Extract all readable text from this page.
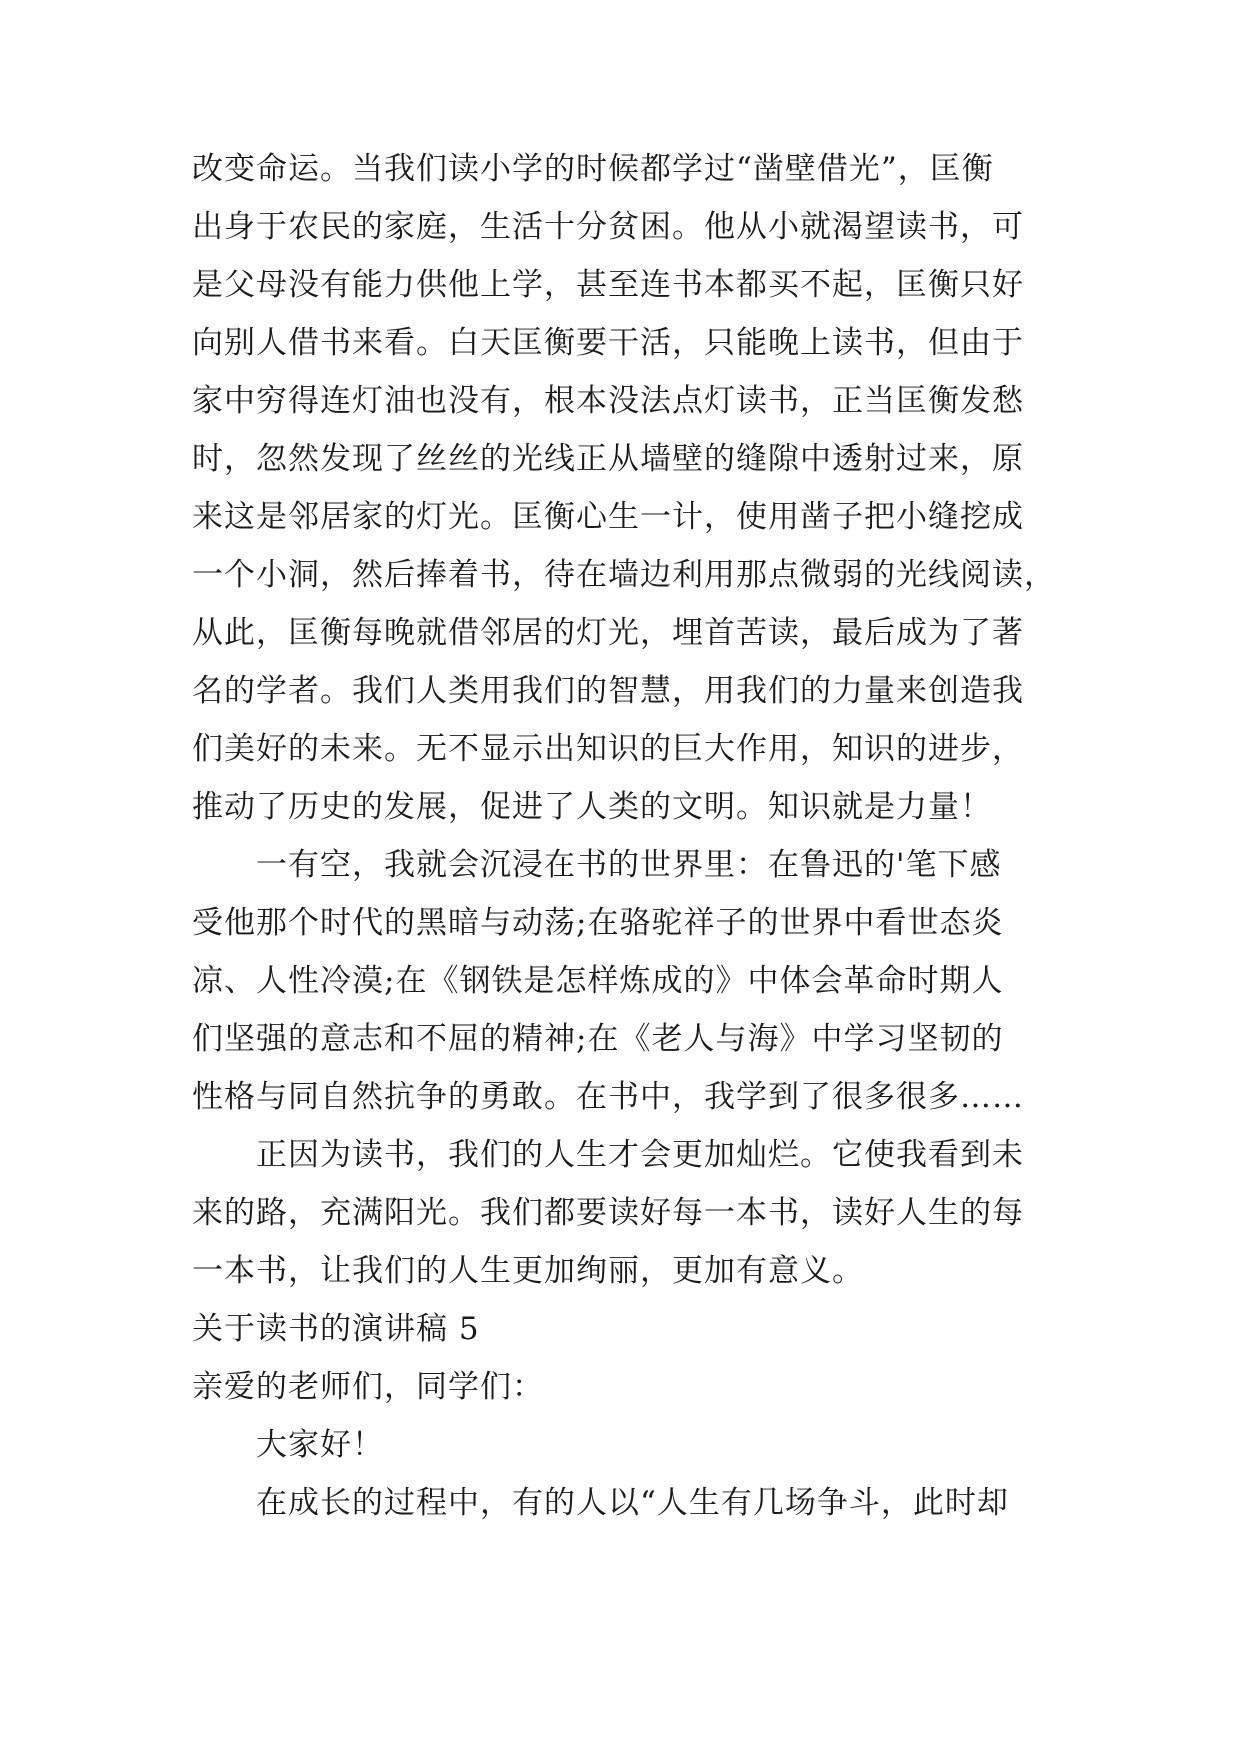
改变命运。当我们读小学的时候都学过“凿壁借光”，匡衡
出身于农民的家庭，生活十分贫困。他从小就渴望读书，可
是父母没有能力供他上学，甚至连书本都买不起，匡衡只好
向别人借书来看。白天匡衡要干活，只能晚上读书，但由于
家中穷得连灯油也没有，根本没法点灯读书，正当匡衡发愁
时，忽然发现了丝丝的光线正从墙壁的缝隙中透射过来，原
来这是邻居家的灯光。匡衡心生一计，使用凿子把小缝挖成
一个小洞，然后捧着书，待在墙边利用那点微弱的光线阅读，
从此，匡衡每晚就借邻居的灯光，埋首苦读，最后成为了著
名的学者。我们人类用我们的智慧，用我们的力量来创造我
们美好的未来。无不显示出知识的巨大作用，知识的进步，
推动了历史的发展，促进了人类的文明。知识就是力量！
一有空，我就会沉浸在书的世界里：在鲁迅的'笔下感
受他那个时代的黑暗与动荡;在骆驼祥子的世界中看世态炎
凉、人性冷漠;在《钢铁是怎样炼成的》中体会革命时期人
们坚强的意志和不屈的精神;在《老人与海》中学习坚韧的
性格与同自然抗争的勇敢。在书中，我学到了很多很多……
正因为读书，我们的人生才会更加灿烂。它使我看到未
来的路，充满阳光。我们都要读好每一本书，读好人生的每
一本书，让我们的人生更加绚丽，更加有意义。
关于读书的演讲稿 5
亲爱的老师们，同学们：
大家好！
在成长的过程中，有的人以“人生有几场争斗，此时却
